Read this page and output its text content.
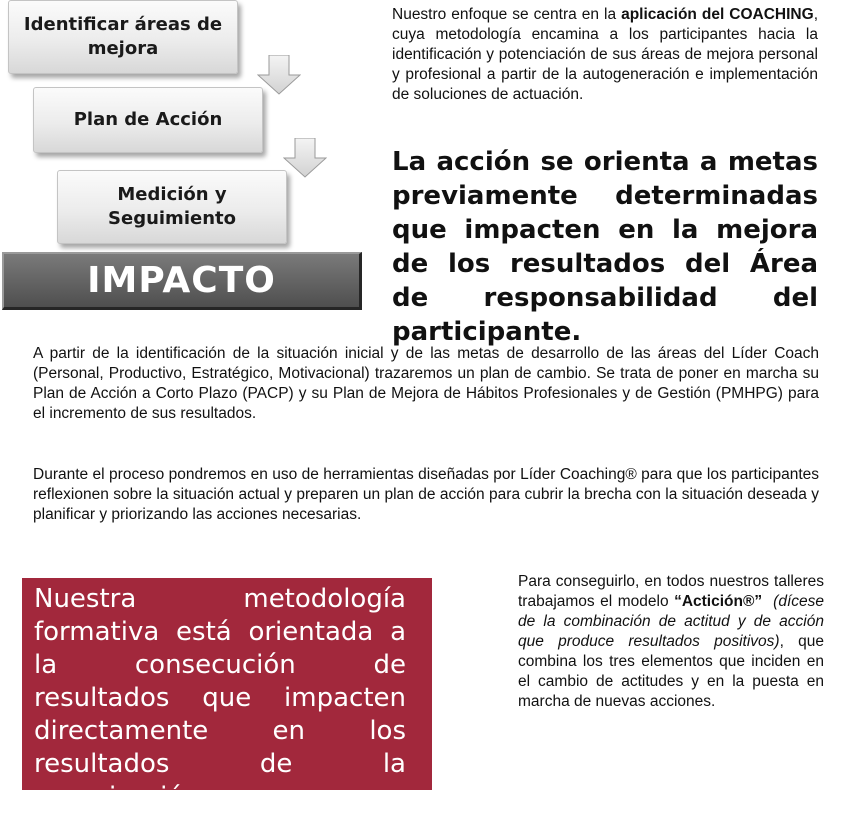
Identificar áreas de
mejora
Plan de Acción
Medición y
Seguimiento
IMPACTO

Nuestro enfoque se centra en la aplicación del COACHING, cuya metodología encamina a los participantes hacia la identificación y potenciación de sus áreas de mejora personal y profesional a partir de la autogeneración e implementación de soluciones de actuación.

La acción se orienta a metas previamente determinadas que impacten en la mejora de los resultados del Área de responsabilidad del participante.

A partir de la identificación de la situación inicial y de las metas de desarrollo de las áreas del Líder Coach (Personal, Productivo, Estratégico, Motivacional) trazaremos un plan de cambio. Se trata de poner en marcha su Plan de Acción a Corto Plazo (PACP) y su Plan de Mejora de Hábitos Profesionales y de Gestión (PMHPG) para el incremento de sus resultados.

Durante el proceso pondremos en uso de herramientas diseñadas por Líder Coaching® para que los participantes reflexionen sobre la situación actual y preparen un plan de acción para cubrir la brecha con la situación deseada y planificar y priorizando las acciones necesarias.

Nuestra metodología formativa está orientada a la consecución de resultados que impacten directamente en los resultados de la organización.

Para conseguirlo, en todos nuestros talleres trabajamos el modelo “Actición®” (dícese de la combinación de actitud y de acción que produce resultados positivos), que combina los tres elementos que inciden en el cambio de actitudes y en la puesta en marcha de nuevas acciones.
